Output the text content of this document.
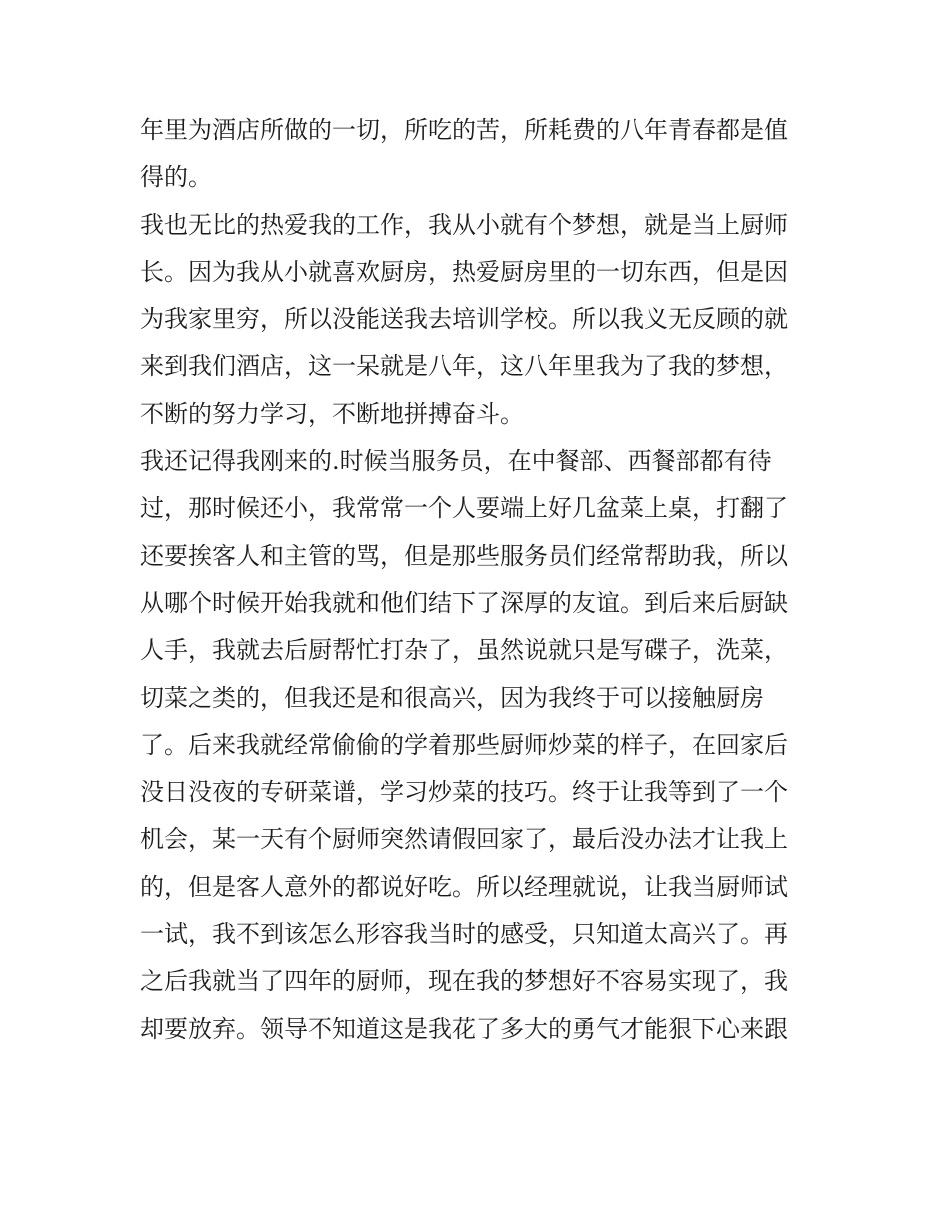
年里为酒店所做的一切，所吃的苦，所耗费的八年青春都是值
得的。
我也无比的热爱我的工作，我从小就有个梦想，就是当上厨师
长。因为我从小就喜欢厨房，热爱厨房里的一切东西，但是因
为我家里穷，所以没能送我去培训学校。所以我义无反顾的就
来到我们酒店，这一呆就是八年，这八年里我为了我的梦想，
不断的努力学习，不断地拼搏奋斗。
我还记得我刚来的.时候当服务员，在中餐部、西餐部都有待
过，那时候还小，我常常一个人要端上好几盆菜上桌，打翻了
还要挨客人和主管的骂，但是那些服务员们经常帮助我，所以
从哪个时候开始我就和他们结下了深厚的友谊。到后来后厨缺
人手，我就去后厨帮忙打杂了，虽然说就只是写碟子，洗菜，
切菜之类的，但我还是和很高兴，因为我终于可以接触厨房
了。后来我就经常偷偷的学着那些厨师炒菜的样子，在回家后
没日没夜的专研菜谱，学习炒菜的技巧。终于让我等到了一个
机会，某一天有个厨师突然请假回家了，最后没办法才让我上
的，但是客人意外的都说好吃。所以经理就说，让我当厨师试
一试，我不到该怎么形容我当时的感受，只知道太高兴了。再
之后我就当了四年的厨师，现在我的梦想好不容易实现了，我
却要放弃。领导不知道这是我花了多大的勇气才能狠下心来跟
